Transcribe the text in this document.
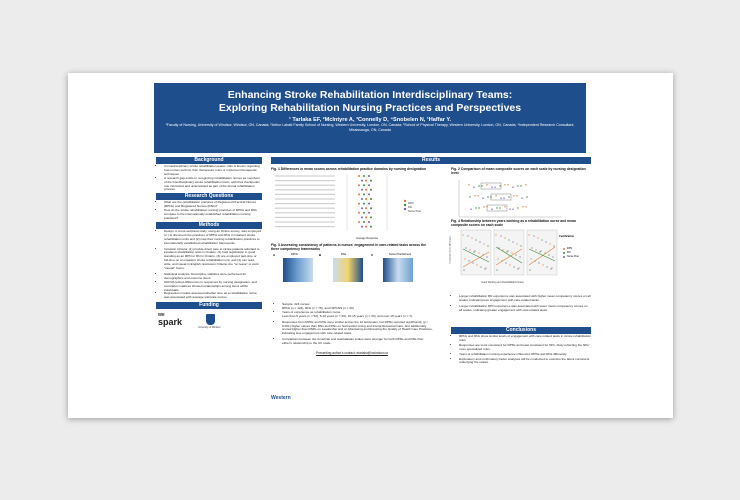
Enhancing Stroke Rehabilitation Interdisciplinary Teams:
Exploring Rehabilitation Nursing Practices and Perspectives
¹ Tarlaka EF, ²McIntyre A, ³Connelly D, ⁴Snobelen N, ¹Haffar Y.
¹Faculty of Nursing, University of Windsor, Windsor, ON, Canada; ²Arthur Labatt Family School of Nursing, Western University, London, ON, Canada; ³School of Physical Therapy, Western University, London, ON, Canada; ⁴Independent Research Consultant, Mississauga, ON, Canada
Background
• In interdisciplinary stroke rehabilitation teams, little is known regarding how nurses perform their therapeutic roles or implement therapeutic techniques.
• A research gap exists in recognizing rehabilitation nurses as members of the interdisciplinary stroke rehabilitation team, with their therapeutic role minimized and undervalued as part of the formal rehabilitation process.
Research Questions
• What are the rehabilitation practices of Registered Practical Nurses (RPNs) and Registered Nurses (RNs)?
• How do the stroke rehabilitation nursing practices of RPNs and RNs compare to the internationally established rehabilitation nursing practices?
Methods
• Design: A cross-sectional study, using an Online survey, was employed to: (1) document the practices of RPNs and RNs in inpatient stroke rehabilitation units and (2) map their nursing rehabilitation practices to internationally established rehabilitation frameworks.
• Inclusion Criteria: (1) provide direct care to stroke patients admitted to inpatient rehabilitation units in Ontario, (2) hold registration in good standing as an RPN or RN in Ontario, (3) are employed part-time or full-time on an inpatient stroke rehabilitation unit, and (4) can read, write, and speak in English. Exclusion Criteria: Are "on leave" or work "casual" hours.
• Statistical Analysis: Descriptive statistics were performed for demographics and outcome items.
• ANOVA tested differences in responses by nursing designation, and correlation matrices showed relationships among items within individuals.
• Regression models assessed whether time as a rehabilitation nurse was associated with average subscale scores.
Funding
we
spark
University of Windsor
Results
Fig. 1 Differences in mean scores across rehabilitation practice domains by nursing designation
Average Response
RPN
RN
Nurse Prac
Fig. 3 Assessing consistency of patterns in nurses' engagement in care-related tasks across the three competency frameworks
A	B	C
RPNs	RNs	Nurse Practitioners
• Sample: 224 nurses
RPNs (n = 124), RNs (n = 75), and NP/CNS (n = 20)
• Years of experience as rehabilitation nurse
Less than 5 years (n = 52), 5-10 years (n = 96), 10-15 years (n = 33), and over 15 years (n = 7).
• Responses from RPNs and RNs were similar across the 12 subscales, but RPNs reported significantly (p < 0.001) higher values than RNs and RNs on Successful Living and Interprofessional Care, and additionally scored higher than RNPs on Leadership and on Monitoring and Ensuring the Quality of Health Care Practices, indicating less engagement with care-related tasks.
• Correlations between the American and Australasian scales were stronger for both RPNs and RNs than either's relationship to the UK scale.
Presenting author's contact: etarlaka@uwindsor.ca
Fig. 2 Comparison of mean composite scores on each scale by nursing designation level
Fig. 4 Relationship between years working as a rehabilitation nurse and mean composite scores on each scale
Certification
RPN
RN
Nurse Prac
Years Working as a Rehabilitation Nurse
Composite Score (Average)
• Longer rehabilitation RN experience was associated with higher mean competency scores on all scales, indicating less engagement with care-related tasks.
• Longer rehabilitation RPN experience was associated with lower mean competency scores on all scales, indicating greater engagement with care-related tasks.
Conclusions
• RPNs and RNs show similar levels of engagement with care-related tasks in stroke rehabilitation units.
• Responses are most consistent for RPNs and least consistent for NPs, likely reflecting the NPs' more specialized roles.
• Years of rehabilitation nursing experience influences RPNs and RNs differently.
• Exploratory and confirmatory factor analyses will be conducted to examine the latent constructs underlying the scales.
Western
